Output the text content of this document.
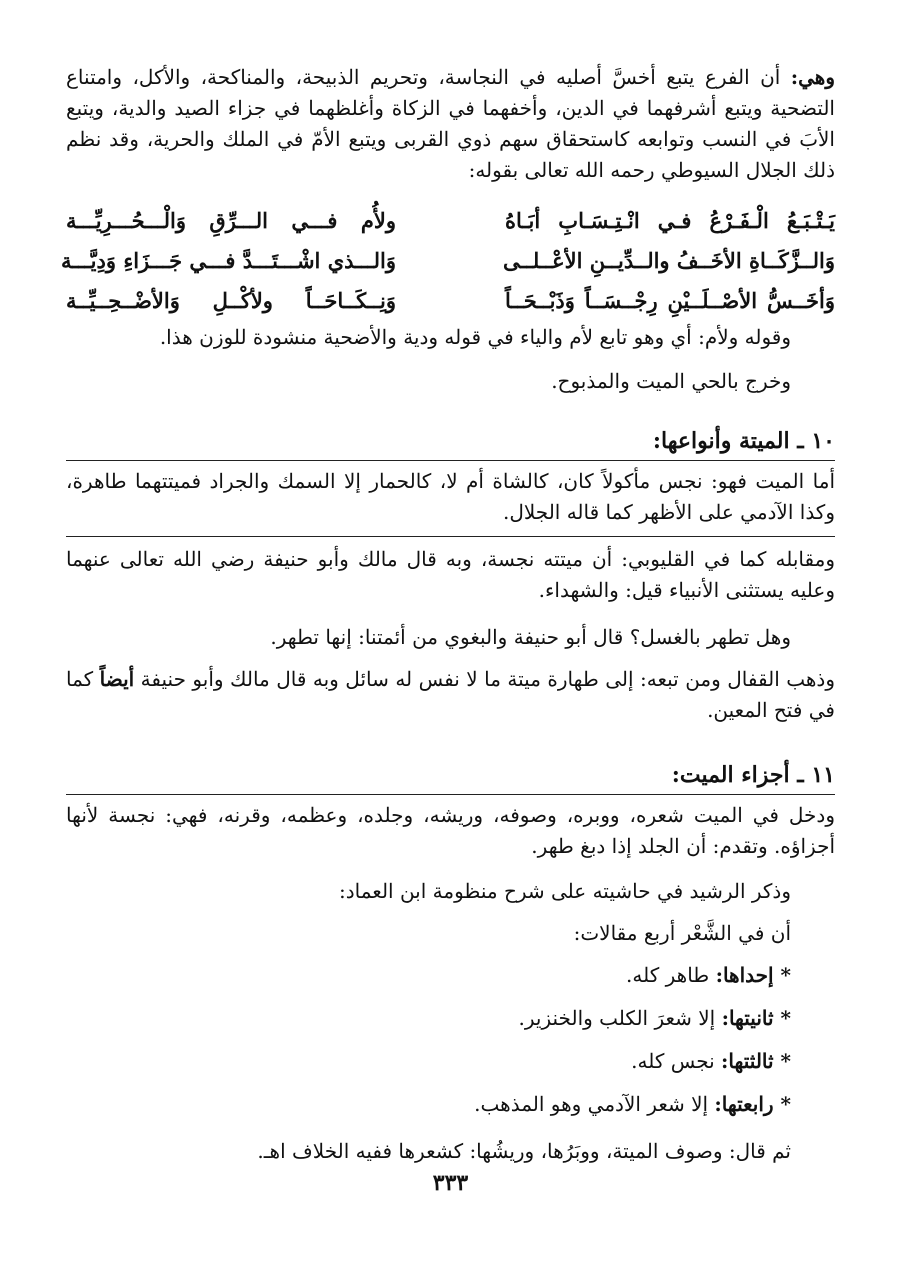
وهي: أن الفرع يتبع أخسَّ أصليه في النجاسة، وتحريم الذبيحة، والمناكحة، والأكل، وامتناع التضحية ويتبع أشرفهما في الدين، وأخفهما في الزكاة وأغلظهما في جزاء الصيد والدية، ويتبع الأبَ في النسب وتوابعه كاستحقاق سهم ذوي القربى ويتبع الأمّ في الملك والحرية، وقد نظم ذلك الجلال السيوطي رحمه الله تعالى بقوله:

يَـتْـبَـعُ الْـفَـرْعُ فـي انْـتِـسَـابِ أبَـاهُ
ولأُم فـــي الـــرِّقِ وَالْـــحُـــرِيِّـــة
وَالــزَّكَــاةِ الأخَــفُ والــدِّيــنِ الأعْــلــى
وَالـــذي اشْـــتَـــدَّ فـــي جَـــزَاءِ وَدِيَّـــة
وَأخَــسُّ الأصْــلَــيْنِ رِجْــسَــاً وَذَبْــحَــاً
وَنِــكَــاحَــاً ولأكْــلِ وَالأضْــحِــيِّــة

وقوله ولأم: أي وهو تابع لأم والياء في قوله ودية والأضحية منشودة للوزن هذا.

وخرج بالحي الميت والمذبوح.

١٠ ـ الميتة وأنواعها:

أما الميت فهو: نجس مأكولاً كان، كالشاة أم لا، كالحمار إلا السمك والجراد فميتتهما طاهرة، وكذا الآدمي على الأظهر كما قاله الجلال.

ومقابله كما في القليوبي: أن ميتته نجسة، وبه قال مالك وأبو حنيفة رضي الله تعالى عنهما وعليه يستثنى الأنبياء قيل: والشهداء.

وهل تطهر بالغسل؟ قال أبو حنيفة والبغوي من أئمتنا: إنها تطهر.

وذهب القفال ومن تبعه: إلى طهارة ميتة ما لا نفس له سائل وبه قال مالك وأبو حنيفة أيضاً كما في فتح المعين.

١١ ـ أجزاء الميت:

ودخل في الميت شعره، ووبره، وصوفه، وريشه، وجلده، وعظمه، وقرنه، فهي: نجسة لأنها أجزاؤه. وتقدم: أن الجلد إذا دبغ طهر.

وذكر الرشيد في حاشيته على شرح منظومة ابن العماد:

أن في الشَّعْر أربع مقالات:

* إحداها: طاهر كله.
* ثانيتها: إلا شعرَ الكلب والخنزير.
* ثالثتها: نجس كله.
* رابعتها: إلا شعر الآدمي وهو المذهب.

ثم قال: وصوف الميتة، ووبَرُها، وريشُها: كشعرها ففيه الخلاف اهـ.

٣٣٣
